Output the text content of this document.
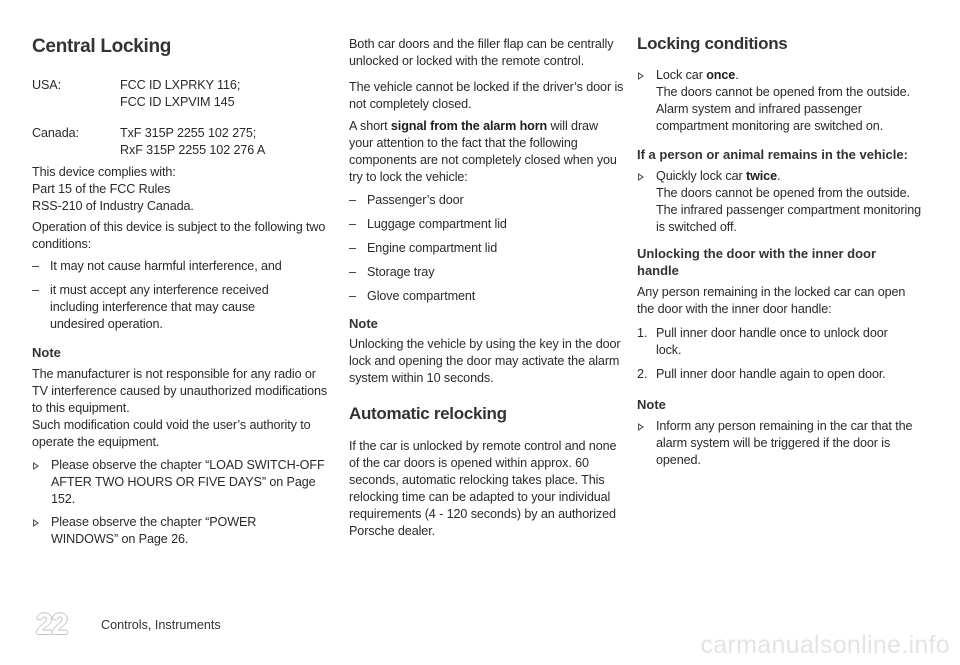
Central Locking
USA:	FCC ID LXPRKY 116;
FCC ID LXPVIM 145
Canada:	TxF 315P 2255 102 275;
RxF 315P 2255 102 276 A
This device complies with:
Part 15 of the FCC Rules
RSS-210 of Industry Canada.

Operation of this device is subject to the following two conditions:

– It may not cause harmful interference, and

– it must accept any interference received including interference that may cause undesired operation.

Note

The manufacturer is not responsible for any radio or TV interference caused by unauthorized modifications to this equipment.

Such modification could void the user’s authority to operate the equipment.

Please observe the chapter “LOAD SWITCH-OFF AFTER TWO HOURS OR FIVE DAYS” on Page 152.

Please observe the chapter “POWER WINDOWS” on Page 26.

Both car doors and the filler flap can be centrally unlocked or locked with the remote control.

The vehicle cannot be locked if the driver’s door is not completely closed.

A short signal from the alarm horn will draw your attention to the fact that the following components are not completely closed when you try to lock the vehicle:

– Passenger’s door

– Luggage compartment lid

– Engine compartment lid

– Storage tray

– Glove compartment

Note

Unlocking the vehicle by using the key in the door lock and opening the door may activate the alarm system within 10 seconds.

Automatic relocking

If the car is unlocked by remote control and none of the car doors is opened within approx. 60 seconds, automatic relocking takes place. This relocking time can be adapted to your individual requirements (4 - 120 seconds) by an authorized Porsche dealer.

Locking conditions

Lock car once.

The doors cannot be opened from the outside. Alarm system and infrared passenger compartment monitoring are switched on.

If a person or animal remains in the vehicle:

Quickly lock car twice.

The doors cannot be opened from the outside. The infrared passenger compartment monitoring is switched off.

Unlocking the door with the inner door handle

Any person remaining in the locked car can open the door with the inner door handle:

1. Pull inner door handle once to unlock door lock.

2. Pull inner door handle again to open door.

Note

Inform any person remaining in the car that the alarm system will be triggered if the door is opened.

22	Controls, Instruments
carmanualsonline.info
